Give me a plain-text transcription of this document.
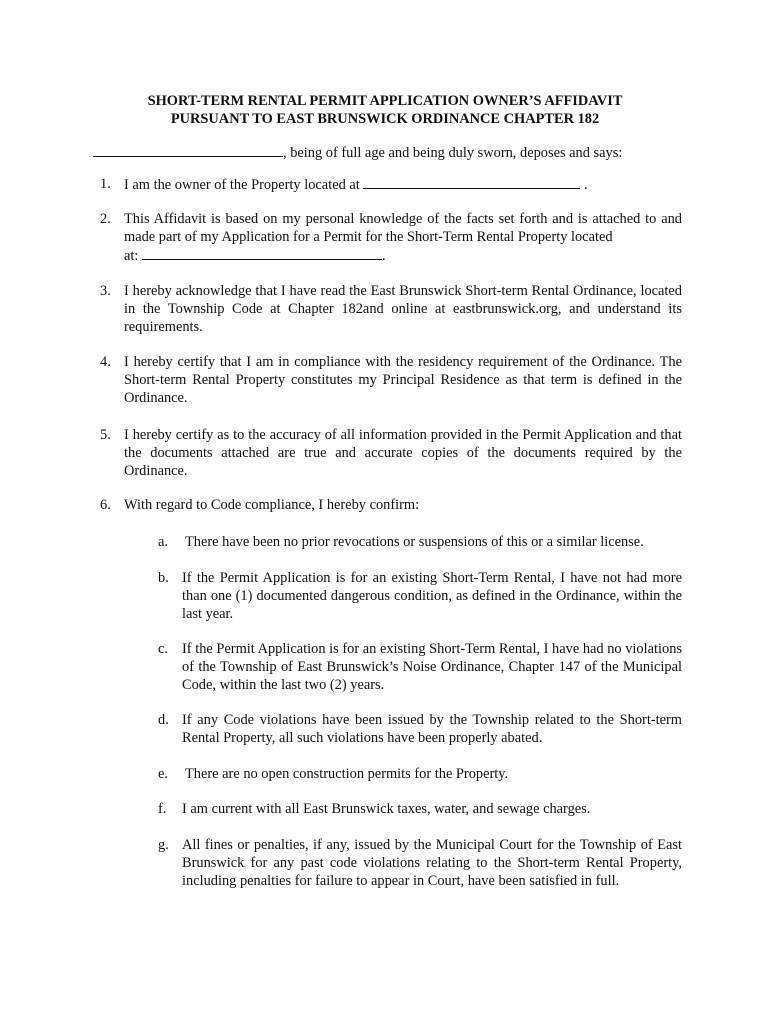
SHORT-TERM RENTAL PERMIT APPLICATION OWNER’S AFFIDAVIT
PURSUANT TO EAST BRUNSWICK ORDINANCE CHAPTER 182
, being of full age and being duly sworn, deposes and says:
1. I am the owner of the Property located at	.
2. This Affidavit is based on my personal knowledge of the facts set forth and is attached to and made part of my Application for a Permit for the Short-Term Rental Property located
at:	.
3. I hereby acknowledge that I have read the East Brunswick Short-term Rental Ordinance, located in the Township Code at Chapter 182and online at eastbrunswick.org, and understand its requirements.
4. I hereby certify that I am in compliance with the residency requirement of the Ordinance. The Short-term Rental Property constitutes my Principal Residence as that term is defined in the Ordinance.
5. I hereby certify as to the accuracy of all information provided in the Permit Application and that the documents attached are true and accurate copies of the documents required by the Ordinance.
6. With regard to Code compliance, I hereby confirm:
a.	There have been no prior revocations or suspensions of this or a similar license.
b. If the Permit Application is for an existing Short-Term Rental, I have not had more than one (1) documented dangerous condition, as defined in the Ordinance, within the last year.
c. If the Permit Application is for an existing Short-Term Rental, I have had no violations of the Township of East Brunswick’s Noise Ordinance, Chapter 147 of the Municipal Code, within the last two (2) years.
d. If any Code violations have been issued by the Township related to the Short-term Rental Property, all such violations have been properly abated.
e.	There are no open construction permits for the Property.
f.	I am current with all East Brunswick taxes, water, and sewage charges.
g. All fines or penalties, if any, issued by the Municipal Court for the Township of East Brunswick for any past code violations relating to the Short-term Rental Property, including penalties for failure to appear in Court, have been satisfied in full.
